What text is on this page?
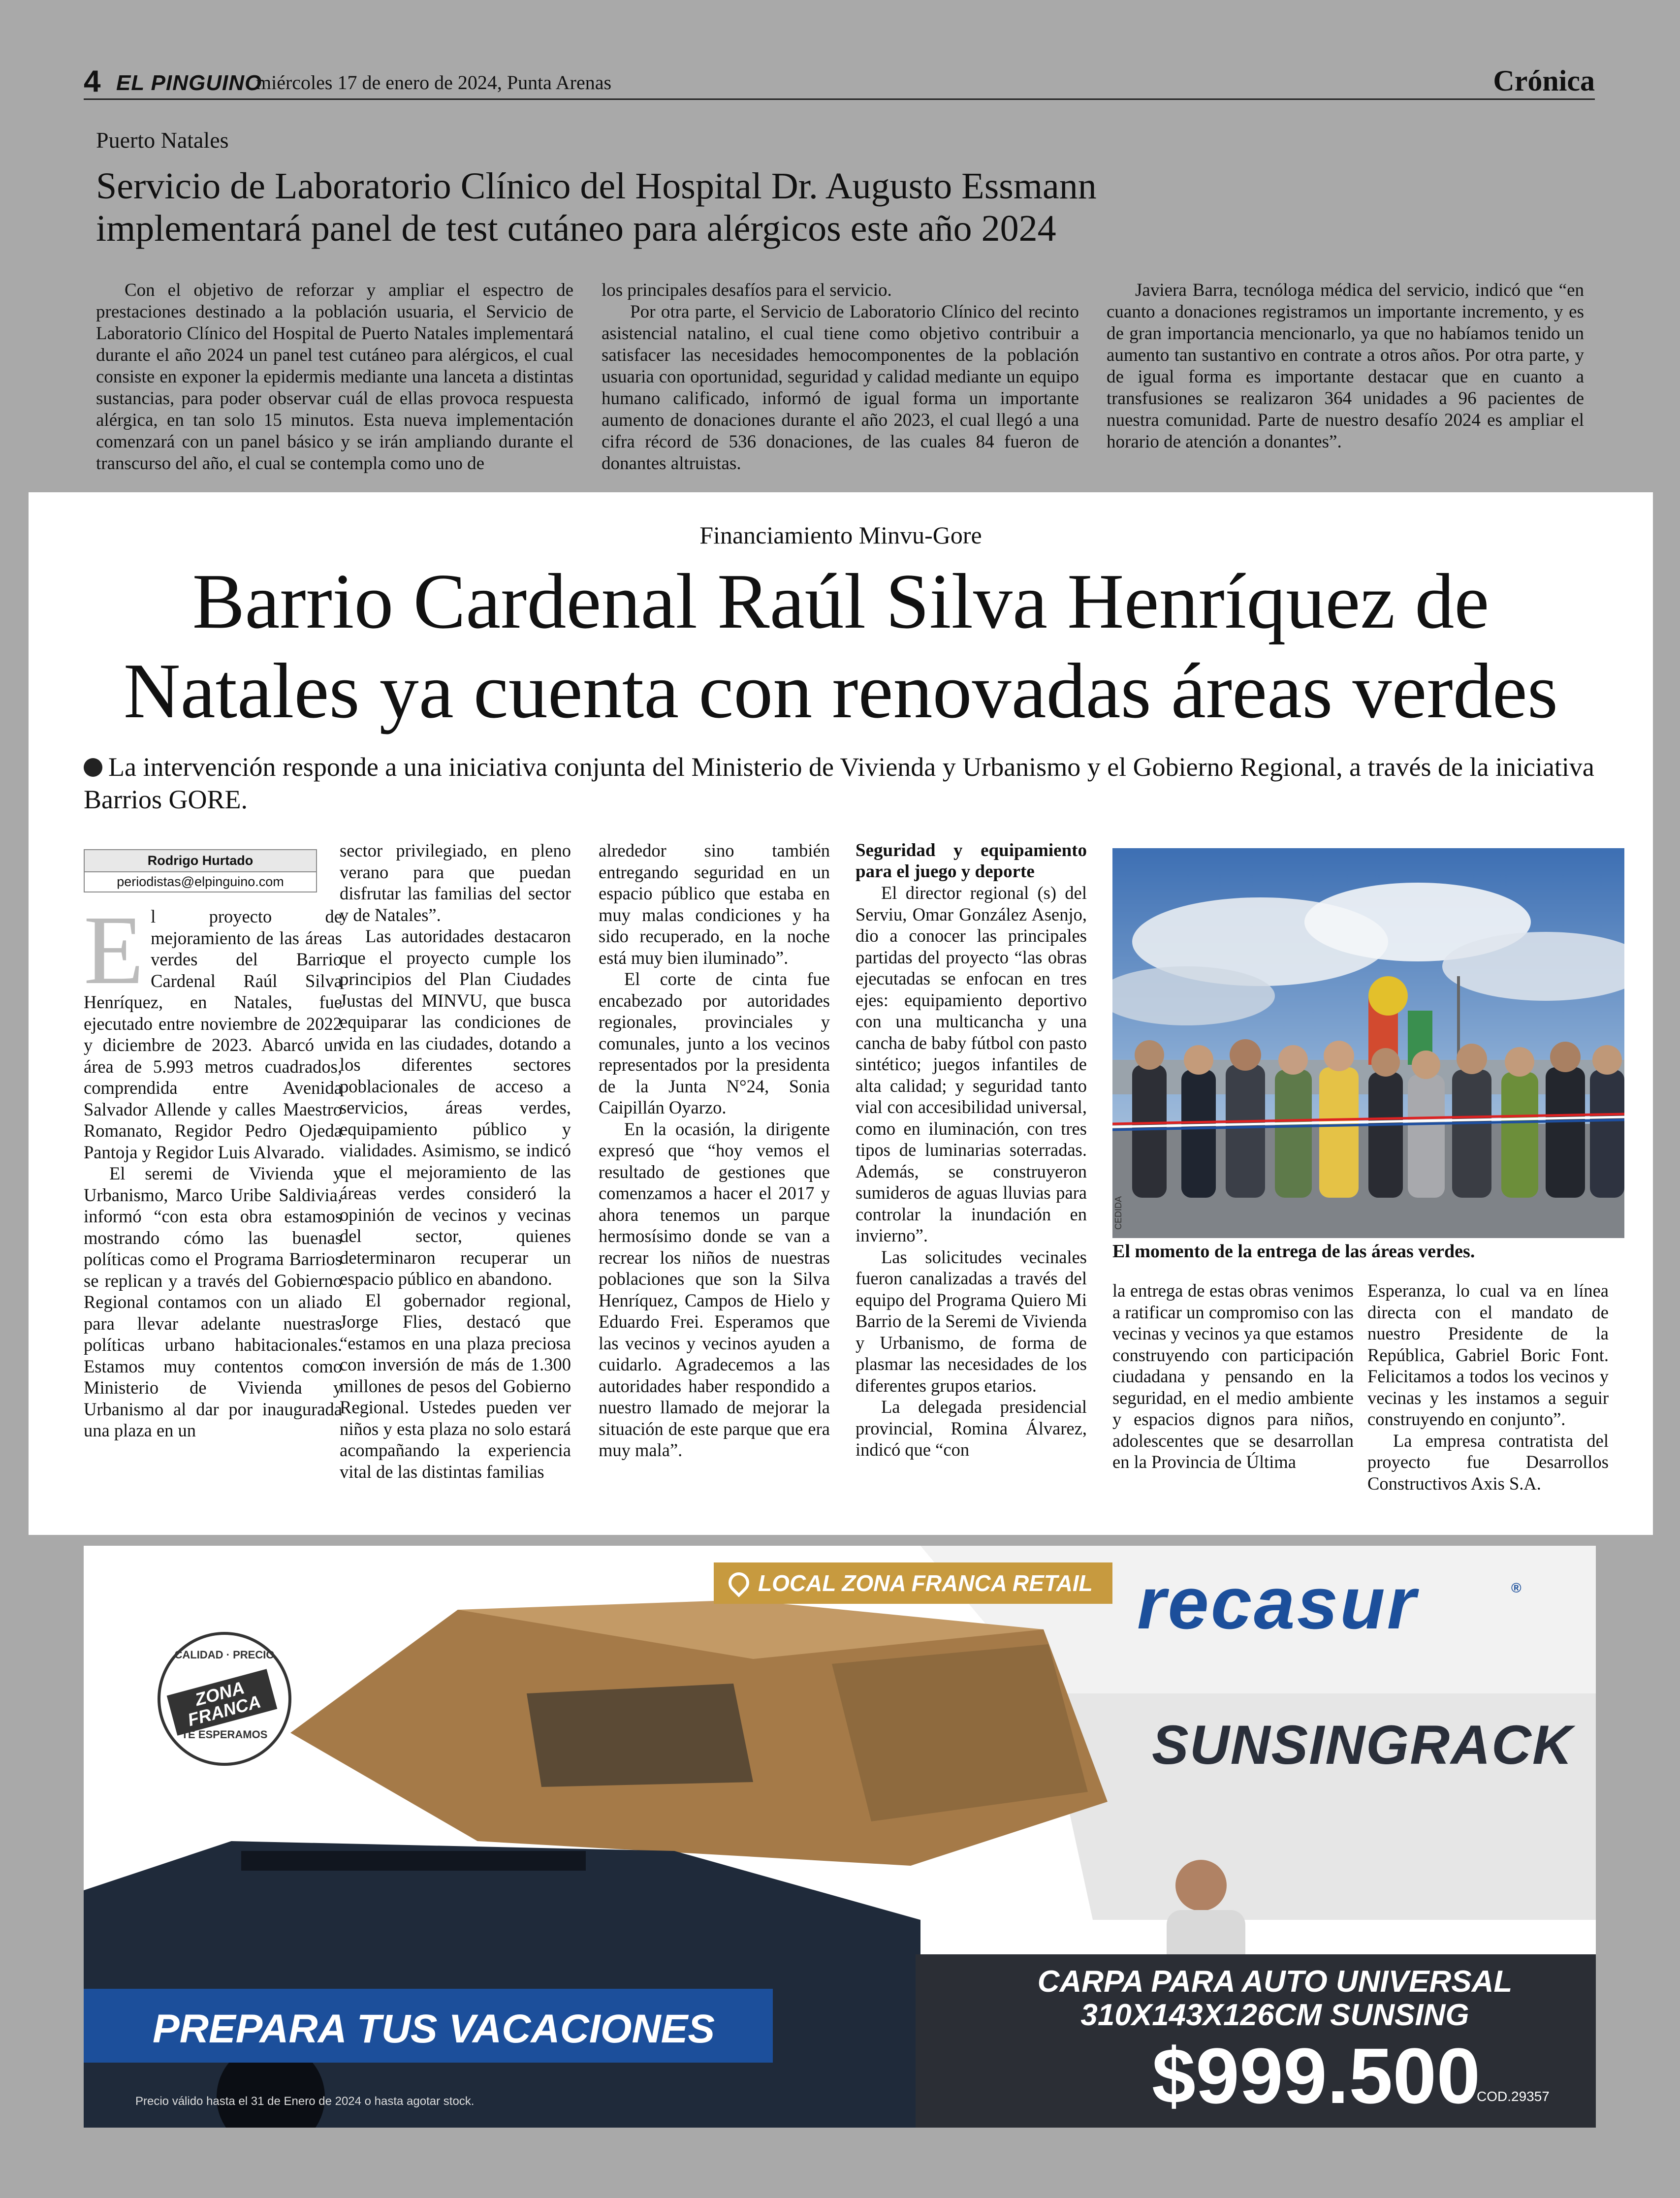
4 EL PINGUINO
miércoles 17 de enero de 2024, Punta Arenas	Crónica
Puerto Natales
Servicio de Laboratorio Clínico del Hospital Dr. Augusto Essmann
implementará panel de test cutáneo para alérgicos este año 2024

Con el objetivo de reforzar y ampliar el espectro de prestaciones destinado a la población usuaria, el Servicio de Laboratorio Clínico del Hospital de Puerto Natales implementará durante el año 2024 un panel test cutáneo para alérgicos, el cual consiste en exponer la epidermis mediante una lanceta a distintas sustancias, para poder observar cuál de ellas provoca respuesta alérgica, en tan solo 15 minutos. Esta nueva implementación comenzará con un panel básico y se irán ampliando durante el transcurso del año, el cual se contempla como uno de

los principales desafíos para el servicio.

Por otra parte, el Servicio de Laboratorio Clínico del recinto asistencial natalino, el cual tiene como objetivo contribuir a satisfacer las necesidades hemocomponentes de la población usuaria con oportunidad, seguridad y calidad mediante un equipo humano calificado, informó de igual forma un importante aumento de donaciones durante el año 2023, el cual llegó a una cifra récord de 536 donaciones, de las cuales 84 fueron de donantes altruistas.

Javiera Barra, tecnóloga médica del servicio, indicó que “en cuanto a donaciones registramos un importante incremento, y es de gran importancia mencionarlo, ya que no habíamos tenido un aumento tan sustantivo en contrate a otros años. Por otra parte, y de igual forma es importante destacar que en cuanto a transfusiones se realizaron 364 unidades a 96 pacientes de nuestra comunidad. Parte de nuestro desafío 2024 es ampliar el horario de atención a donantes”.

Financiamiento Minvu-Gore
Barrio Cardenal Raúl Silva Henríquez de
Natales ya cuenta con renovadas áreas verdes
La intervención responde a una iniciativa conjunta del Ministerio de Vivienda y Urbanismo y el Gobierno Regional, a través de la iniciativa Barrios GORE.
Rodrigo Hurtado
periodistas@elpinguino.com

El proyecto de mejoramiento de las áreas verdes del Barrio Cardenal Raúl Silva Henríquez, en Natales, fue ejecutado entre noviembre de 2022 y diciembre de 2023. Abarcó un área de 5.993 metros cuadrados, comprendida entre Avenida Salvador Allende y calles Maestro Romanato, Regidor Pedro Ojeda Pantoja y Regidor Luis Alvarado.

El seremi de Vivienda y Urbanismo, Marco Uribe Saldivia, informó “con esta obra estamos mostrando cómo las buenas políticas como el Programa Barrios se replican y a través del Gobierno Regional contamos con un aliado para llevar adelante nuestras políticas urbano habitacionales. Estamos muy contentos como Ministerio de Vivienda y Urbanismo al dar por inaugurada una plaza en un

sector privilegiado, en pleno verano para que puedan disfrutar las familias del sector y de Natales”.

Las autoridades destacaron que el proyecto cumple los principios del Plan Ciudades Justas del MINVU, que busca equiparar las condiciones de vida en las ciudades, dotando a los diferentes sectores poblacionales de acceso a servicios, áreas verdes, equipamiento público y vialidades. Asimismo, se indicó que el mejoramiento de las áreas verdes consideró la opinión de vecinos y vecinas del sector, quienes determinaron recuperar un espacio público en abandono.

El gobernador regional, Jorge Flies, destacó que “estamos en una plaza preciosa con inversión de más de 1.300 millones de pesos del Gobierno Regional. Ustedes pueden ver niños y esta plaza no solo estará acompañando la experiencia vital de las distintas familias

alrededor sino también entregando seguridad en un espacio público que estaba en muy malas condiciones y ha sido recuperado, en la noche está muy bien iluminado”.

El corte de cinta fue encabezado por autoridades regionales, provinciales y comunales, junto a los vecinos representados por la presidenta de la Junta N°24, Sonia Caipillán Oyarzo.

En la ocasión, la dirigente expresó que “hoy vemos el resultado de gestiones que comenzamos a hacer el 2017 y ahora tenemos un parque hermosísimo donde se van a recrear los niños de nuestras poblaciones que son la Silva Henríquez, Campos de Hielo y Eduardo Frei. Esperamos que las vecinos y vecinos ayuden a cuidarlo. Agradecemos a las autoridades haber respondido a nuestro llamado de mejorar la situación de este parque que era muy mala”.

Seguridad y equipamiento para el juego y deporte

El director regional (s) del Serviu, Omar González Asenjo, dio a conocer las principales partidas del proyecto “las obras ejecutadas se enfocan en tres ejes: equipamiento deportivo con una multicancha y una cancha de baby fútbol con pasto sintético; juegos infantiles de alta calidad; y seguridad tanto vial con accesibilidad universal, como en iluminación, con tres tipos de luminarias soterradas. Además, se construyeron sumideros de aguas lluvias para controlar la inundación en invierno”.

Las solicitudes vecinales fueron canalizadas a través del equipo del Programa Quiero Mi Barrio de la Seremi de Vivienda y Urbanismo, de forma de plasmar las necesidades de los diferentes grupos etarios.

La delegada presidencial provincial, Romina Álvarez, indicó que “con

CEDIDA
El momento de la entrega de las áreas verdes.

la entrega de estas obras venimos a ratificar un compromiso con las vecinas y vecinos ya que estamos construyendo con participación ciudadana y pensando en la seguridad, en el medio ambiente y espacios dignos para niños, adolescentes que se desarrollan en la Provincia de Última

Esperanza, lo cual va en línea directa con el mandato de nuestro Presidente de la República, Gabriel Boric Font. Felicitamos a todos los vecinos y vecinas y les instamos a seguir construyendo en conjunto”.

La empresa contratista del proyecto fue Desarrollos Constructivos Axis S.A.

LOCAL ZONA FRANCA RETAIL recasur	®
SUNSINGRACK
CALIDAD · PRECIO
ZONA FRANCA
TE ESPERAMOS
PREPARA TUS VACACIONES
CARPA PARA AUTO UNIVERSAL
310X143X126CM SUNSING
$999.500
COD.29357
Precio válido hasta el 31 de Enero de 2024 o hasta agotar stock.
